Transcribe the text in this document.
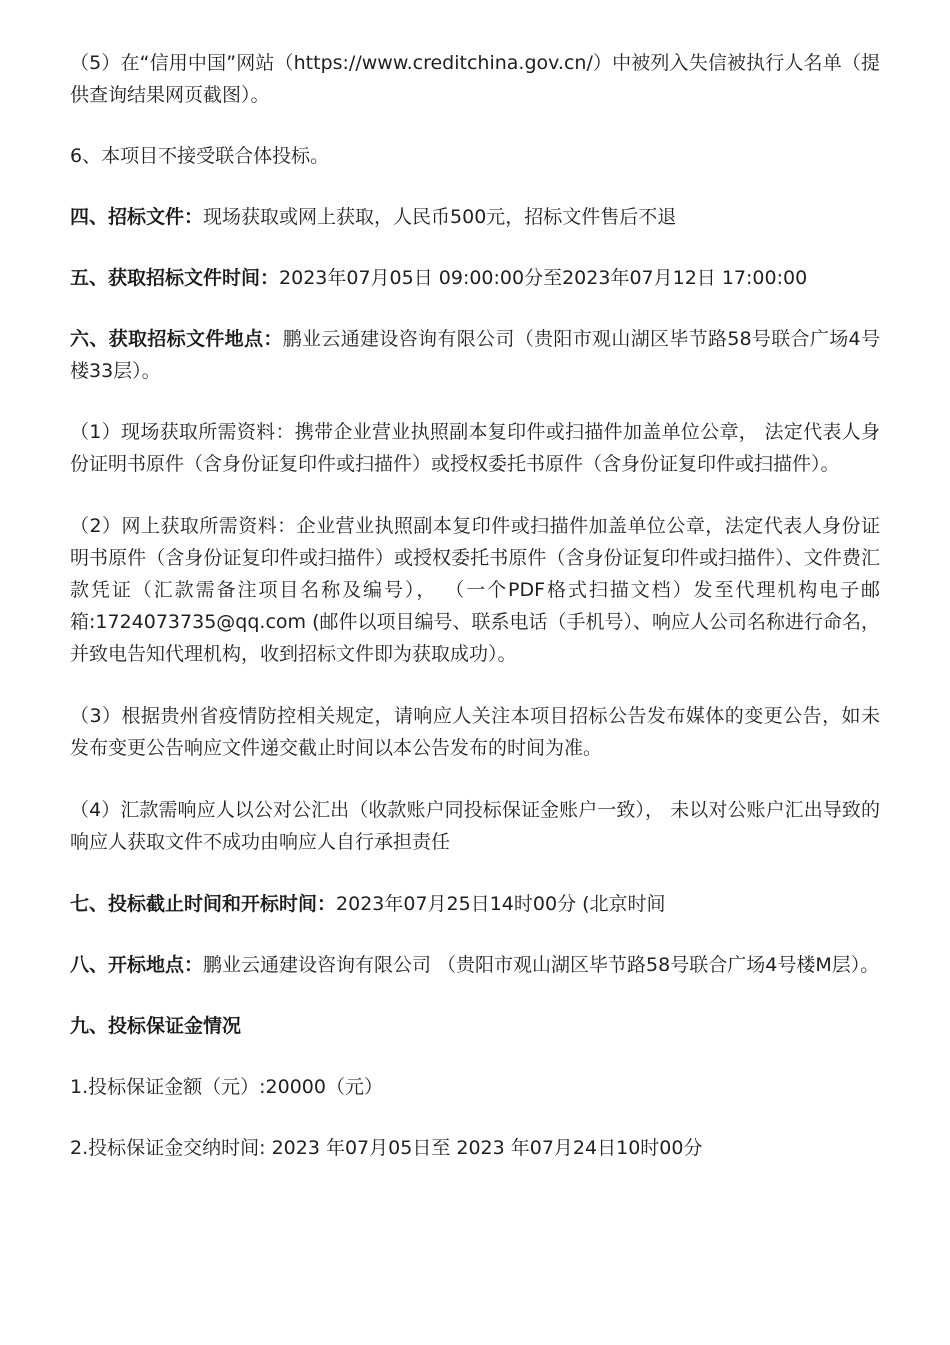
（5）在“信用中国”网站（https://www.creditchina.gov.cn/）中被列入失信被执行人名单（提供查询结果网页截图）。

6、本项目不接受联合体投标。

四、招标文件：现场获取或网上获取，人民币500元，招标文件售后不退

五、获取招标文件时间：2023年07月05日 09:00:00分至2023年07月12日 17:00:00

六、获取招标文件地点：鹏业云通建设咨询有限公司（贵阳市观山湖区毕节路58号联合广场4号楼33层）。

（1）现场获取所需资料：携带企业营业执照副本复印件或扫描件加盖单位公章， 法定代表人身份证明书原件（含身份证复印件或扫描件）或授权委托书原件（含身份证复印件或扫描件）。

（2）网上获取所需资料：企业营业执照副本复印件或扫描件加盖单位公章，法定代表人身份证明书原件（含身份证复印件或扫描件）或授权委托书原件（含身份证复印件或扫描件）、文件费汇款凭证（汇款需备注项目名称及编号）， （一个PDF格式扫描文档）发至代理机构电子邮箱:1724073735@qq.com (邮件以项目编号、联系电话（手机号）、响应人公司名称进行命名，并致电告知代理机构，收到招标文件即为获取成功）。

（3）根据贵州省疫情防控相关规定，请响应人关注本项目招标公告发布媒体的变更公告，如未发布变更公告响应文件递交截止时间以本公告发布的时间为准。

（4）汇款需响应人以公对公汇出（收款账户同投标保证金账户一致）， 未以对公账户汇出导致的响应人获取文件不成功由响应人自行承担责任

七、投标截止时间和开标时间：2023年07月25日14时00分 (北京时间

八、开标地点：鹏业云通建设咨询有限公司 （贵阳市观山湖区毕节路58号联合广场4号楼M层）。

九、投标保证金情况

1.投标保证金额（元）:20000（元）

2.投标保证金交纳时间: 2023 年07月05日至 2023 年07月24日10时00分
